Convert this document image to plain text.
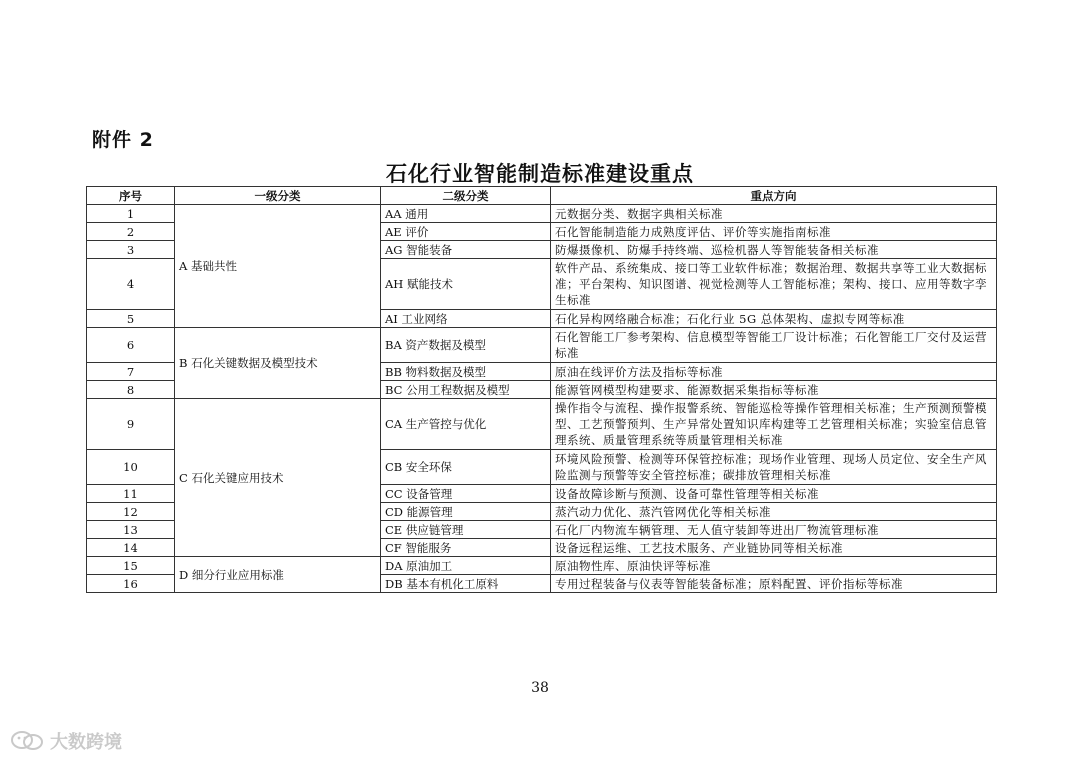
附件 2
石化行业智能制造标准建设重点
序号	一级分类	二级分类	重点方向
1	A 基础共性	AA 通用	元数据分类、数据字典相关标准
2		AE 评价	石化智能制造能力成熟度评估、评价等实施指南标准
3		AG 智能装备	防爆摄像机、防爆手持终端、巡检机器人等智能装备相关标准
4		AH 赋能技术	软件产品、系统集成、接口等工业软件标准；数据治理、数据共享等工业大数据标准；平台架构、知识图谱、视觉检测等人工智能标准；架构、接口、应用等数字孪生标准
5		AI 工业网络	石化异构网络融合标准；石化行业 5G 总体架构、虚拟专网等标准
6	B 石化关键数据及模型技术	BA 资产数据及模型	石化智能工厂参考架构、信息模型等智能工厂设计标准；石化智能工厂交付及运营标准
7		BB 物料数据及模型	原油在线评价方法及指标等标准
8		BC 公用工程数据及模型	能源管网模型构建要求、能源数据采集指标等标准
9	C 石化关键应用技术	CA 生产管控与优化	操作指令与流程、操作报警系统、智能巡检等操作管理相关标准；生产预测预警模型、工艺预警预判、生产异常处置知识库构建等工艺管理相关标准；实验室信息管理系统、质量管理系统等质量管理相关标准
10		CB 安全环保	环境风险预警、检测等环保管控标准；现场作业管理、现场人员定位、安全生产风险监测与预警等安全管控标准；碳排放管理相关标准
11		CC 设备管理	设备故障诊断与预测、设备可靠性管理等相关标准
12		CD 能源管理	蒸汽动力优化、蒸汽管网优化等相关标准
13		CE 供应链管理	石化厂内物流车辆管理、无人值守装卸等进出厂物流管理标准
14		CF 智能服务	设备远程运维、工艺技术服务、产业链协同等相关标准
15	D 细分行业应用标准	DA 原油加工	原油物性库、原油快评等标准
16		DB 基本有机化工原料	专用过程装备与仪表等智能装备标准；原料配置、评价指标等标准
38
大数跨境
